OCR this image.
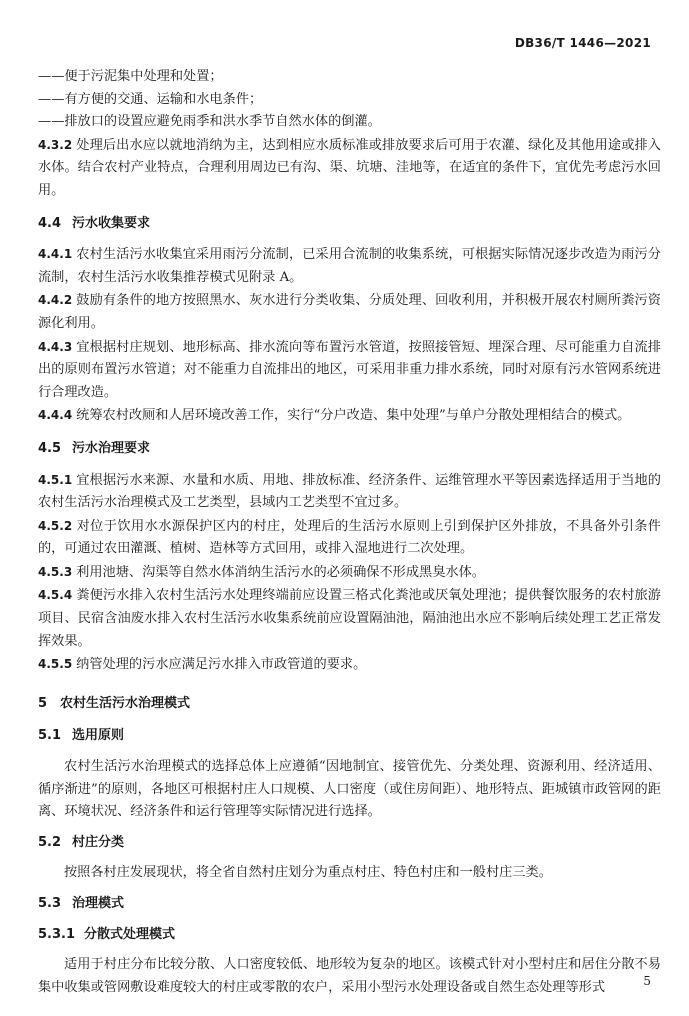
DB36/T 1446—2021

——便于污泥集中处理和处置；

——有方便的交通、运输和水电条件；

——排放口的设置应避免雨季和洪水季节自然水体的倒灌。

4.3.2 处理后出水应以就地消纳为主，达到相应水质标准或排放要求后可用于农灌、绿化及其他用途或排入水体。结合农村产业特点，合理利用周边已有沟、渠、坑塘、洼地等，在适宜的条件下，宜优先考虑污水回用。

4.4 污水收集要求

4.4.1 农村生活污水收集宜采用雨污分流制，已采用合流制的收集系统，可根据实际情况逐步改造为雨污分流制，农村生活污水收集推荐模式见附录 A。

4.4.2 鼓励有条件的地方按照黑水、灰水进行分类收集、分质处理、回收利用，并积极开展农村厕所粪污资源化利用。

4.4.3 宜根据村庄规划、地形标高、排水流向等布置污水管道，按照接管短、埋深合理、尽可能重力自流排出的原则布置污水管道；对不能重力自流排出的地区，可采用非重力排水系统，同时对原有污水管网系统进行合理改造。

4.4.4 统筹农村改厕和人居环境改善工作，实行“分户改造、集中处理”与单户分散处理相结合的模式。

4.5 污水治理要求

4.5.1 宜根据污水来源、水量和水质、用地、排放标准、经济条件、运维管理水平等因素选择适用于当地的农村生活污水治理模式及工艺类型，县域内工艺类型不宜过多。

4.5.2 对位于饮用水水源保护区内的村庄，处理后的生活污水原则上引到保护区外排放，不具备外引条件的，可通过农田灌溉、植树、造林等方式回用，或排入湿地进行二次处理。

4.5.3 利用池塘、沟渠等自然水体消纳生活污水的必须确保不形成黑臭水体。

4.5.4 粪便污水排入农村生活污水处理终端前应设置三格式化粪池或厌氧处理池；提供餐饮服务的农村旅游项目、民宿含油废水排入农村生活污水收集系统前应设置隔油池，隔油池出水应不影响后续处理工艺正常发挥效果。

4.5.5 纳管处理的污水应满足污水排入市政管道的要求。

5 农村生活污水治理模式
5.1 选用原则

农村生活污水治理模式的选择总体上应遵循“因地制宜、接管优先、分类处理、资源利用、经济适用、循序渐进”的原则，各地区可根据村庄人口规模、人口密度（或住房间距）、地形特点、距城镇市政管网的距离、环境状况、经济条件和运行管理等实际情况进行选择。

5.2 村庄分类

按照各村庄发展现状，将全省自然村庄划分为重点村庄、特色村庄和一般村庄三类。

5.3 治理模式
5.3.1 分散式处理模式

适用于村庄分布比较分散、人口密度较低、地形较为复杂的地区。该模式针对小型村庄和居住分散不易集中收集或管网敷设难度较大的村庄或零散的农户，采用小型污水处理设备或自然生态处理等形式	5
